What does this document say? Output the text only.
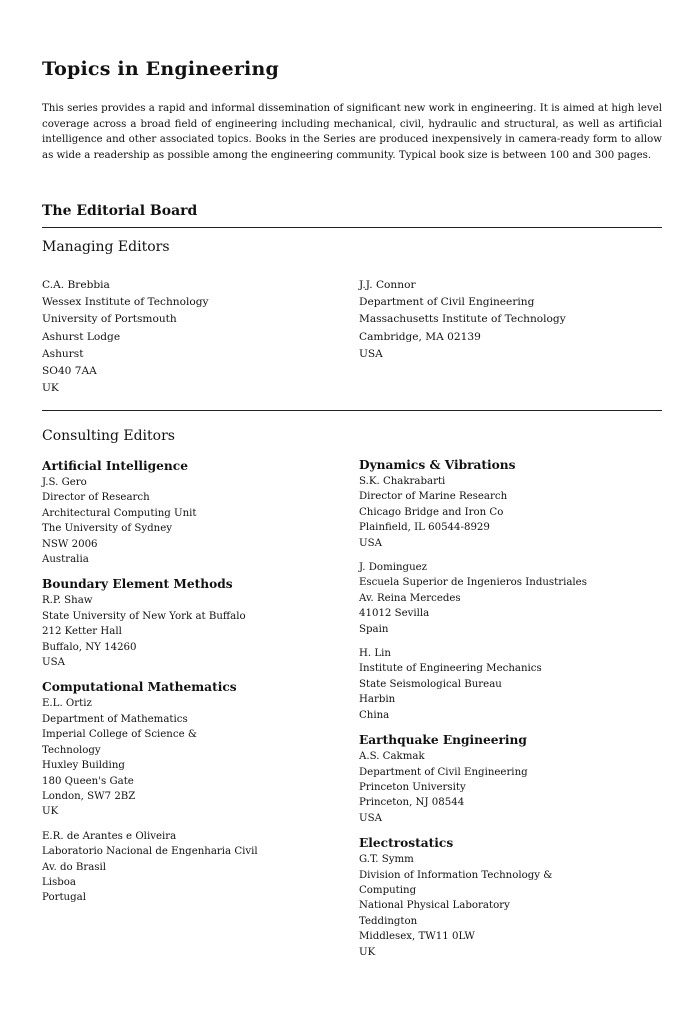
Topics in Engineering
This series provides a rapid and informal dissemination of significant new work in engineering. It is aimed at high level coverage across a broad field of engineering including mechanical, civil, hydraulic and structural, as well as artificial intelligence and other associated topics. Books in the Series are produced inexpensively in camera-ready form to allow as wide a readership as possible among the engineering community. Typical book size is between 100 and 300 pages.
The Editorial Board
Managing Editors
C.A. Brebbia
Wessex Institute of Technology
University of Portsmouth
Ashurst Lodge
Ashurst
SO40 7AA
UK
J.J. Connor
Department of Civil Engineering
Massachusetts Institute of Technology
Cambridge, MA 02139
USA
Consulting Editors
Artificial Intelligence
J.S. Gero
Director of Research
Architectural Computing Unit
The University of Sydney
NSW 2006
Australia
Boundary Element Methods
R.P. Shaw
State University of New York at Buffalo
212 Ketter Hall
Buffalo, NY 14260
USA
Computational Mathematics
E.L. Ortiz
Department of Mathematics
Imperial College of Science &
Technology
Huxley Building
180 Queen's Gate
London, SW7 2BZ
UK
E.R. de Arantes e Oliveira
Laboratorio Nacional de Engenharia Civil
Av. do Brasil
Lisboa
Portugal
Dynamics & Vibrations
S.K. Chakrabarti
Director of Marine Research
Chicago Bridge and Iron Co
Plainfield, IL 60544-8929
USA
J. Dominguez
Escuela Superior de Ingenieros Industriales
Av. Reina Mercedes
41012 Sevilla
Spain
H. Lin
Institute of Engineering Mechanics
State Seismological Bureau
Harbin
China
Earthquake Engineering
A.S. Cakmak
Department of Civil Engineering
Princeton University
Princeton, NJ 08544
USA
Electrostatics
G.T. Symm
Division of Information Technology &
Computing
National Physical Laboratory
Teddington
Middlesex, TW11 0LW
UK
